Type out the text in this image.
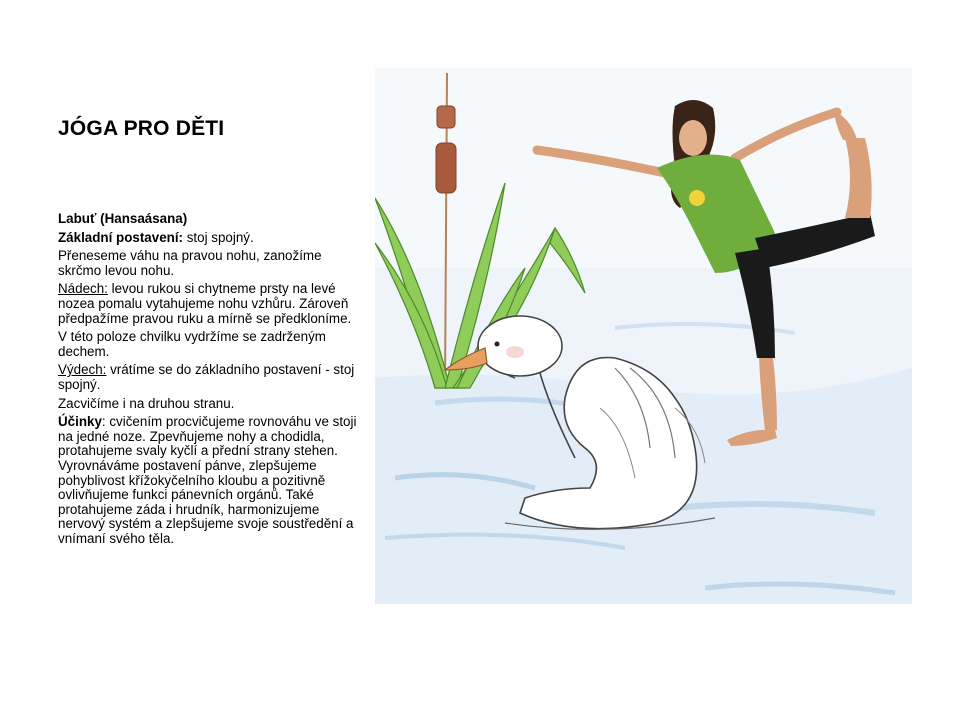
JÓGA PRO DĚTI

Labuť (Hansaásana)

Základní postavení: stoj spojný.

Přeneseme váhu na pravou nohu, zanožíme skrčmo levou nohu.

Nádech: levou rukou si chytneme prsty na levé nozea pomalu vytahujeme nohu vzhůru. Zároveň předpažíme pravou ruku a mírně se předkloníme.

V této poloze chvilku vydržíme se zadrženým dechem.

Výdech: vrátíme se do základního postavení - stoj spojný.

Zacvičíme i na druhou stranu.

Účinky: cvičením procvičujeme rovnováhu ve stoji na jedné noze. Zpevňujeme nohy a chodidla, protahujeme svaly kyčlí a přední strany stehen. Vyrovnáváme postavení pánve, zlepšujeme pohyblivost křížokyčelního kloubu a pozitivně ovlivňujeme funkci pánevních orgánů. Také protahujeme záda i hrudník, harmonizujeme nervový systém a zlepšujeme svoje soustředění a vnímaní svého těla.
